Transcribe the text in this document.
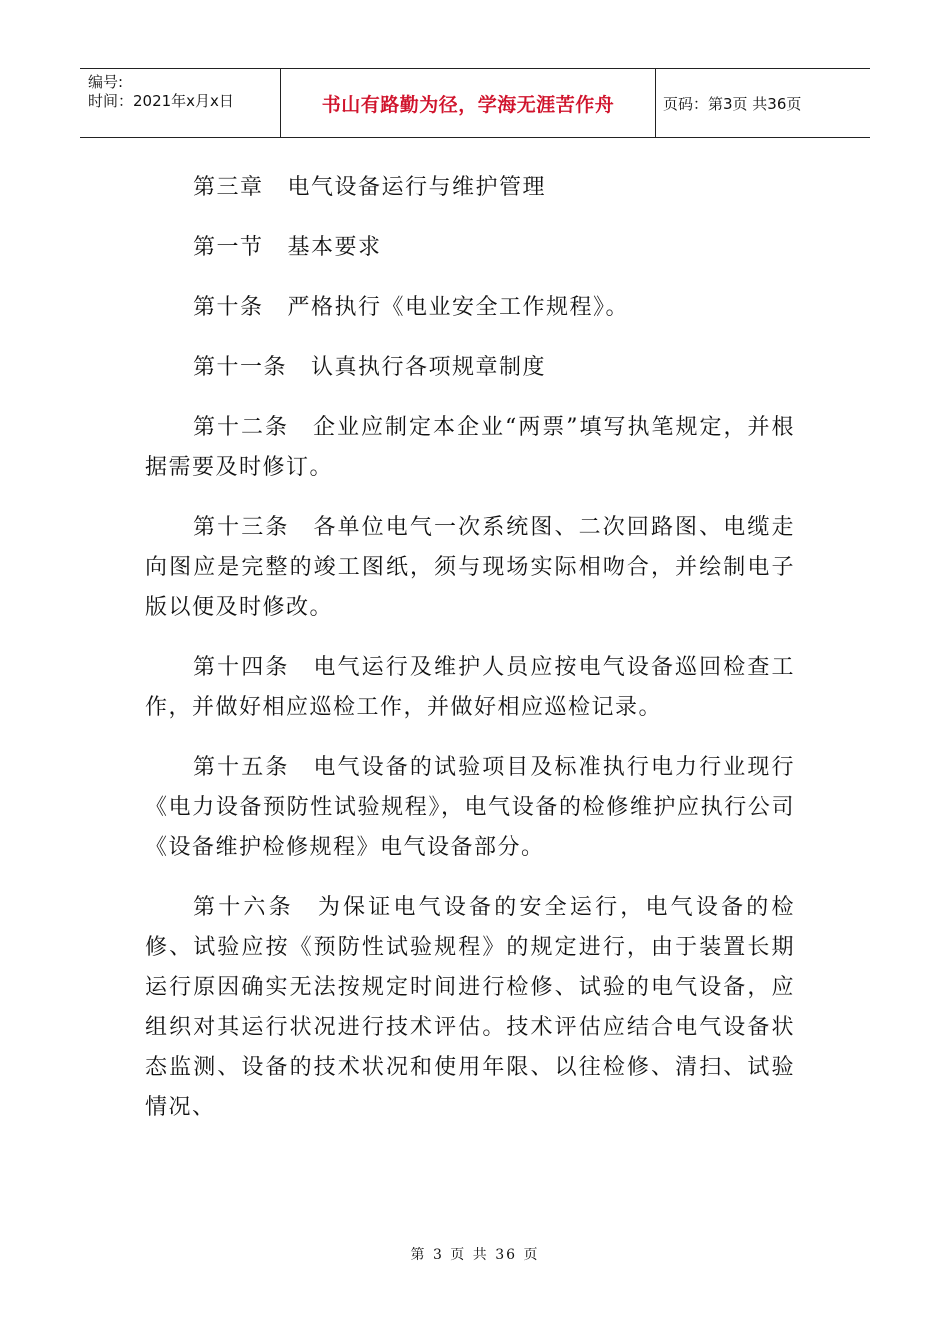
编号:
时间：2021年x月x日	书山有路勤为径，学海无涯苦作舟	页码：第3页 共36页

第三章 电气设备运行与维护管理

第一节 基本要求

第十条 严格执行《电业安全工作规程》。

第十一条 认真执行各项规章制度

第十二条 企业应制定本企业“两票”填写执笔规定，并根据需要及时修订。

第十三条 各单位电气一次系统图、二次回路图、电缆走向图应是完整的竣工图纸，须与现场实际相吻合，并绘制电子版以便及时修改。

第十四条 电气运行及维护人员应按电气设备巡回检查工作，并做好相应巡检工作，并做好相应巡检记录。

第十五条 电气设备的试验项目及标准执行电力行业现行《电力设备预防性试验规程》，电气设备的检修维护应执行公司《设备维护检修规程》电气设备部分。

第十六条 为保证电气设备的安全运行，电气设备的检修、试验应按《预防性试验规程》的规定进行，由于装置长期运行原因确实无法按规定时间进行检修、试验的电气设备，应组织对其运行状况进行技术评估。技术评估应结合电气设备状态监测、设备的技术状况和使用年限、以往检修、清扫、试验情况、

第 3 页 共 36 页
